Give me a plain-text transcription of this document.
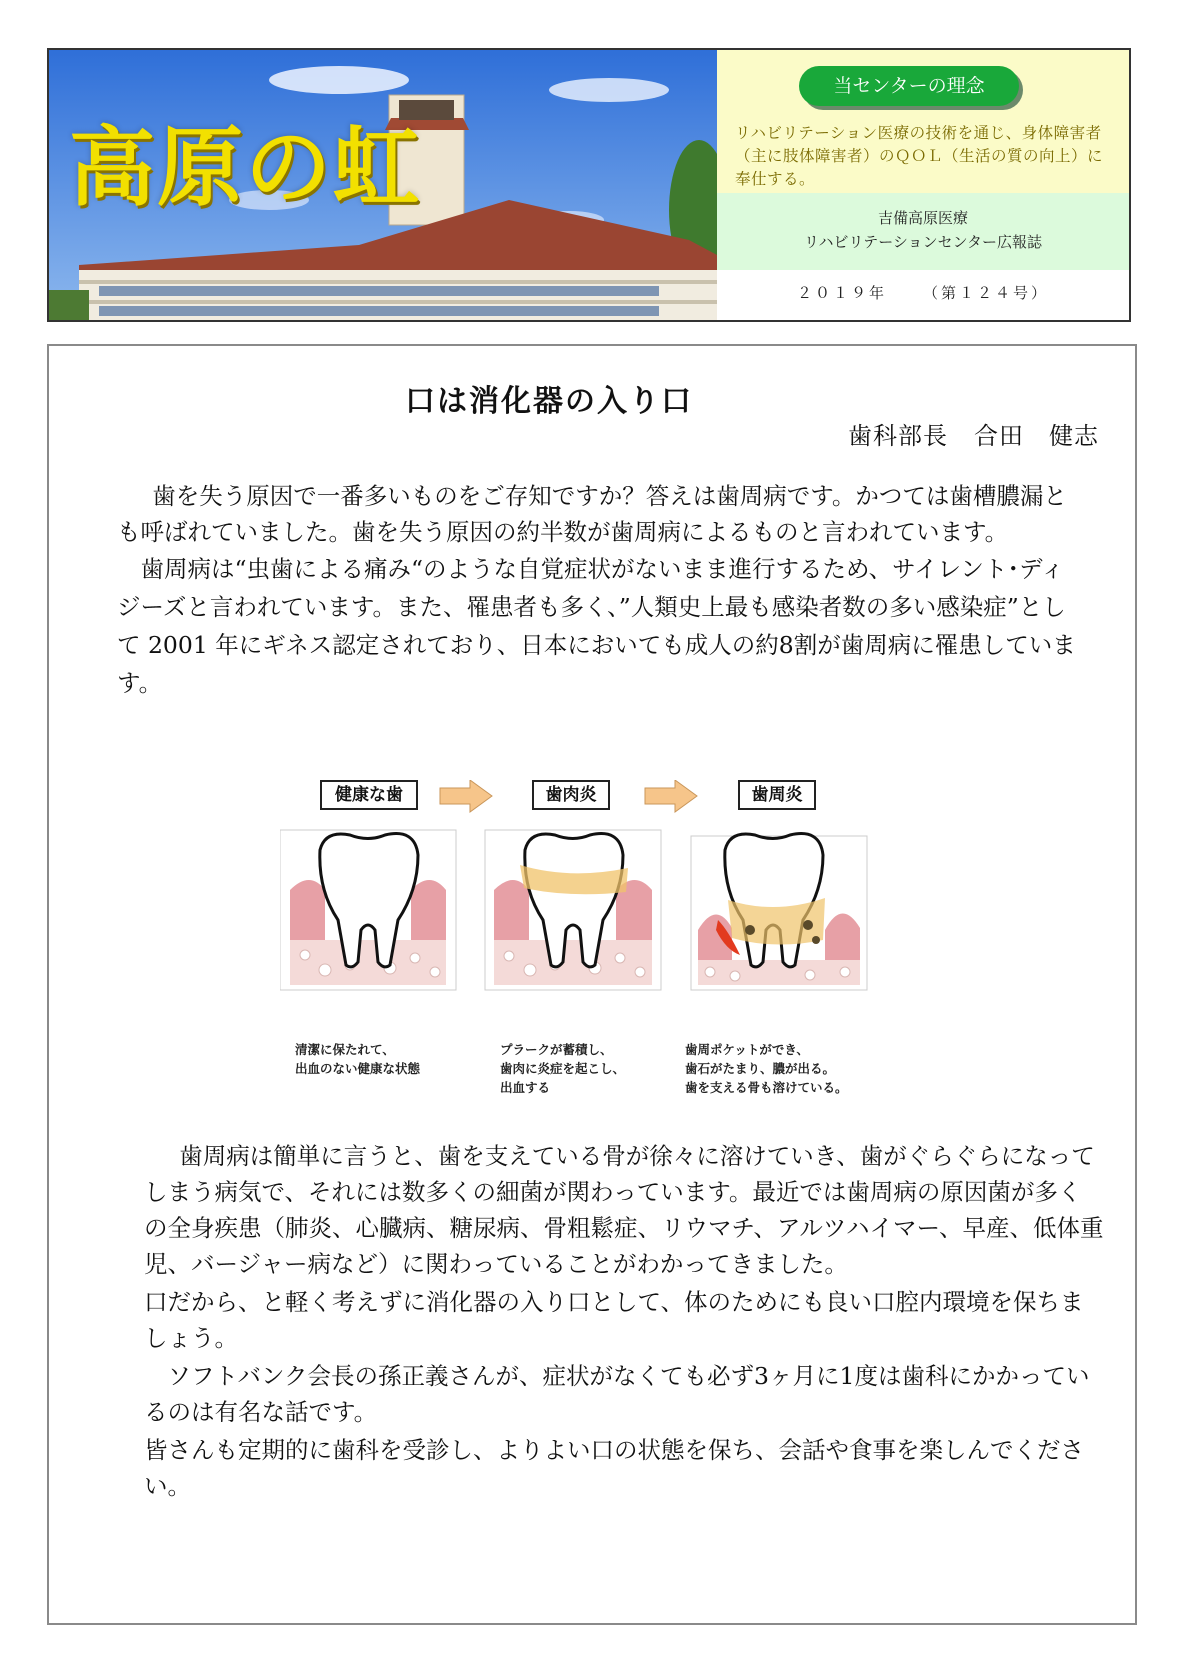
高原の虹
当センターの理念
リハビリテーション医療の技術を通じ、身体障害者（主に肢体障害者）のＱＯＬ（生活の質の向上）に奉仕する。
吉備高原医療
リハビリテーションセンター広報誌
２０１９年 （第１２４号）
口は消化器の入り口
歯科部長 合田　健志

歯を失う原因で一番多いものをご存知ですか？答えは歯周病です。かつては歯槽膿漏とも呼ばれていました。歯を失う原因の約半数が歯周病によるものと言われています。

歯周病は“虫歯による痛み“のような自覚症状がないまま進行するため、サイレント･ディジーズと言われています。また、罹患者も多く、”人類史上最も感染者数の多い感染症”として 2001 年にギネス認定されており、日本においても成人の約8割が歯周病に罹患しています。

健康な歯	歯肉炎	歯周炎
清潔に保たれて、
出血のない健康な状態
プラークが蓄積し、
歯肉に炎症を起こし、
出血する
歯周ポケットができ、
歯石がたまり、膿が出る。
歯を支える骨も溶けている。

歯周病は簡単に言うと、歯を支えている骨が徐々に溶けていき、歯がぐらぐらになってしまう病気で、それには数多くの細菌が関わっています。最近では歯周病の原因菌が多くの全身疾患（肺炎、心臓病、糖尿病、骨粗鬆症、リウマチ、アルツハイマー、早産、低体重児、バージャー病など）に関わっていることがわかってきました。

口だから、と軽く考えずに消化器の入り口として、体のためにも良い口腔内環境を保ちましょう。

ソフトバンク会長の孫正義さんが、症状がなくても必ず3ヶ月に1度は歯科にかかっているのは有名な話です。

皆さんも定期的に歯科を受診し、よりよい口の状態を保ち、会話や食事を楽しんでください。
